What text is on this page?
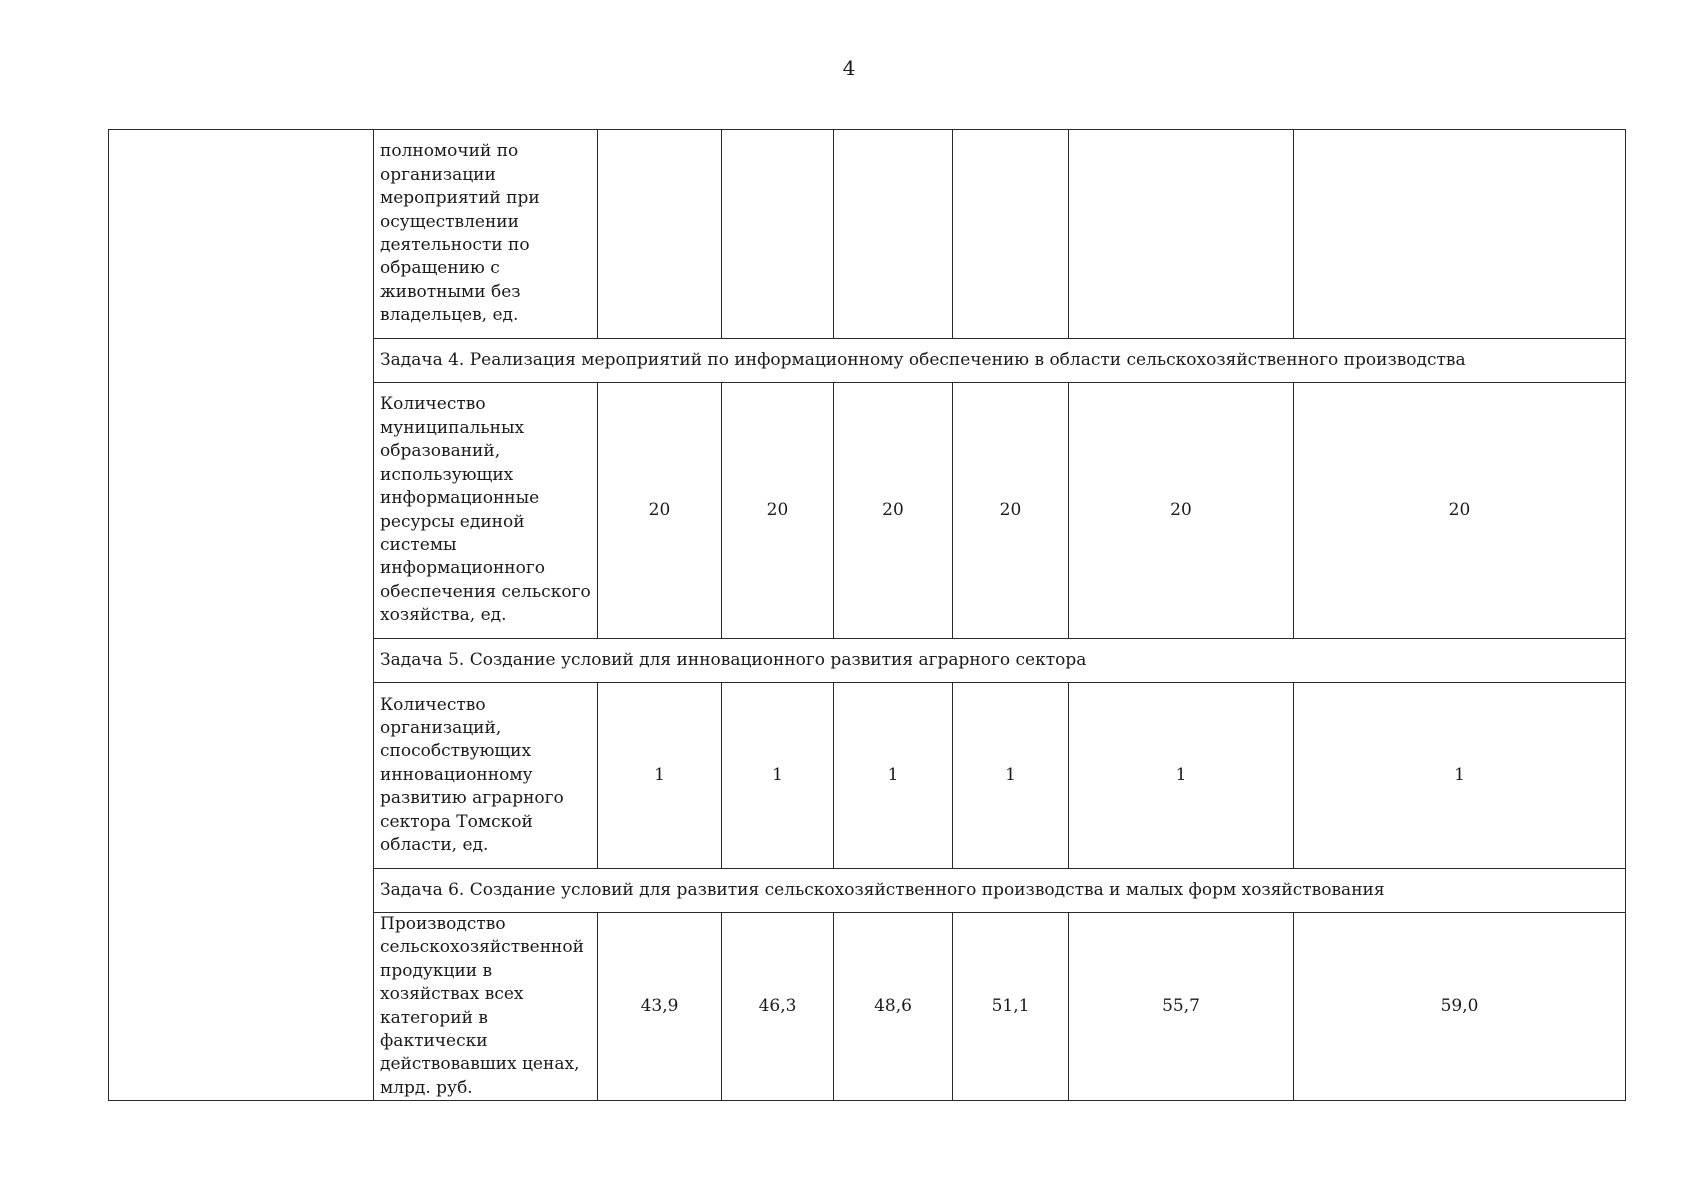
4
	полномочий по организации мероприятий при осуществлении деятельности по обращению с животными без владельцев, ед.						
	Задача 4. Реализация мероприятий по информационному обеспечению в области сельскохозяйственного производства						
	Количество муниципальных образований, использующих информационные ресурсы единой системы информационного обеспечения сельского хозяйства, ед.	20	20	20	20	20	20
	Задача 5. Создание условий для инновационного развития аграрного сектора						
	Количество организаций, способствующих инновационному развитию аграрного сектора Томской области, ед.	1	1	1	1	1	1
	Задача 6. Создание условий для развития сельскохозяйственного производства и малых форм хозяйствования						
	Производство сельскохозяйственной продукции в хозяйствах всех категорий в фактически действовавших ценах, млрд. руб.	43,9	46,3	48,6	51,1	55,7	59,0
